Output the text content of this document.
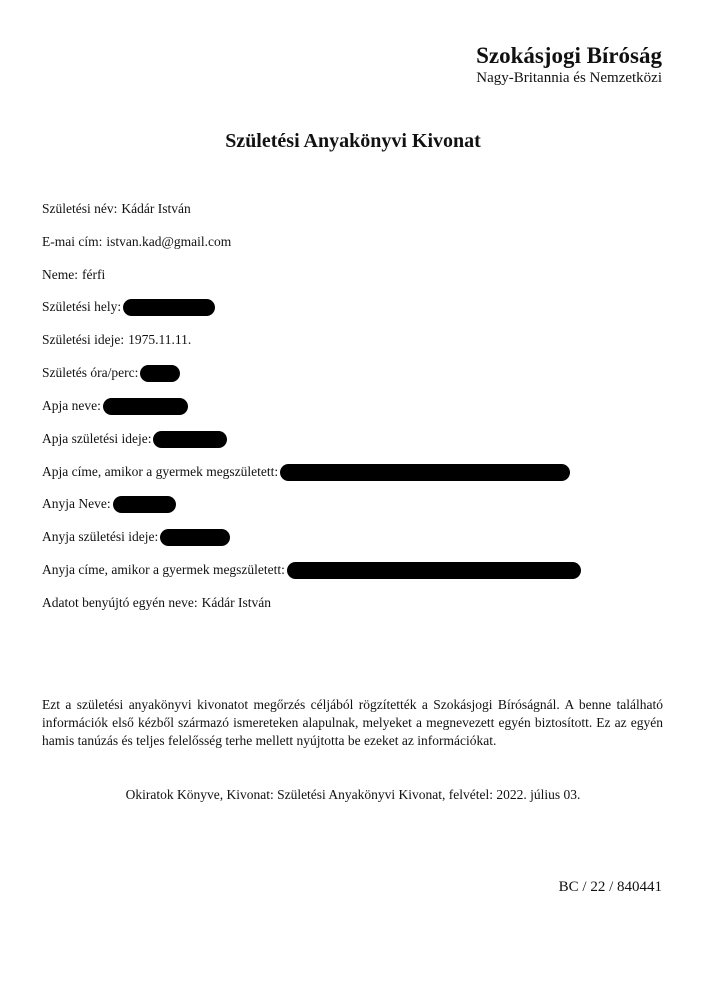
Szokásjogi Bíróság
Nagy-Britannia és Nemzetközi
Születési Anyakönyvi Kivonat
Születési név: Kádár István
E-mai cím: istvan.kad@gmail.com
Neme: férfi
Születési hely:
Születési ideje: 1975.11.11.
Születés óra/perc:
Apja neve:
Apja születési ideje:
Apja címe, amikor a gyermek megszületett:
Anyja Neve:
Anyja születési ideje:
Anyja címe, amikor a gyermek megszületett:
Adatot benyújtó egyén neve: Kádár István
Ezt a születési anyakönyvi kivonatot megőrzés céljából rögzítették a Szokásjogi Bíróságnál. A benne található információk első kézből származó ismereteken alapulnak, melyeket a megnevezett egyén biztosított. Ez az egyén hamis tanúzás és teljes felelősség terhe mellett nyújtotta be ezeket az információkat.
Okiratok Könyve, Kivonat: Születési Anyakönyvi Kivonat, felvétel: 2022. július 03.
BC / 22 / 840441
